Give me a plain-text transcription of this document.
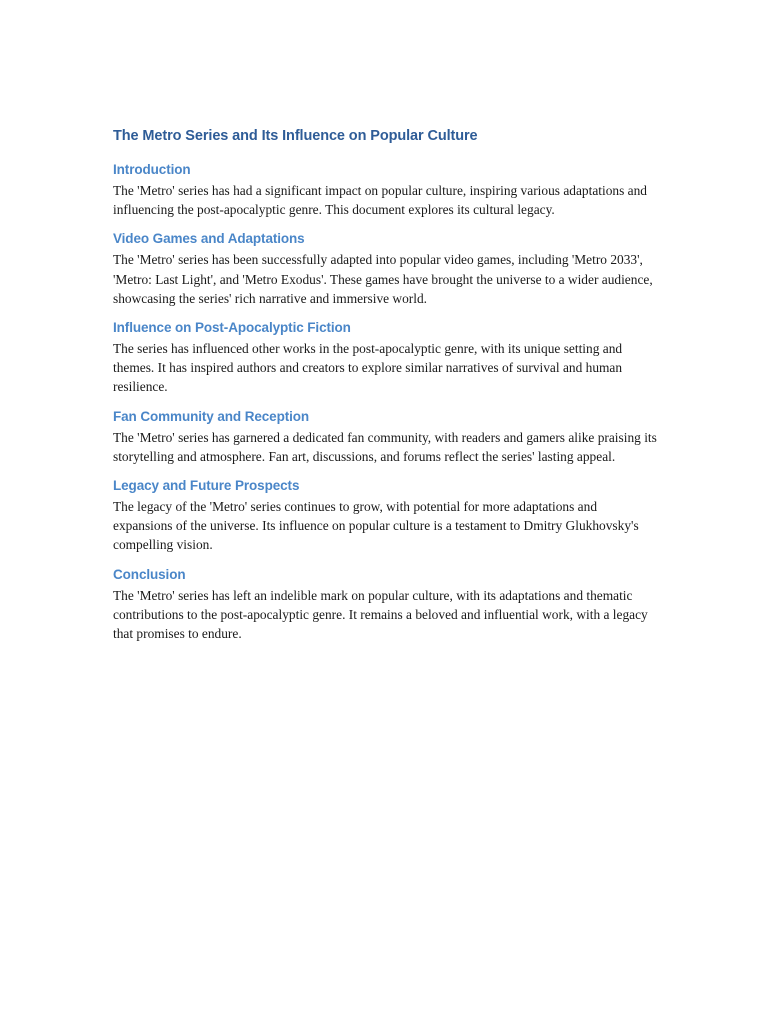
The Metro Series and Its Influence on Popular Culture
Introduction

The 'Metro' series has had a significant impact on popular culture, inspiring various adaptations and influencing the post-apocalyptic genre. This document explores its cultural legacy.

Video Games and Adaptations

The 'Metro' series has been successfully adapted into popular video games, including 'Metro 2033', 'Metro: Last Light', and 'Metro Exodus'. These games have brought the universe to a wider audience, showcasing the series' rich narrative and immersive world.

Influence on Post-Apocalyptic Fiction

The series has influenced other works in the post-apocalyptic genre, with its unique setting and themes. It has inspired authors and creators to explore similar narratives of survival and human resilience.

Fan Community and Reception

The 'Metro' series has garnered a dedicated fan community, with readers and gamers alike praising its storytelling and atmosphere. Fan art, discussions, and forums reflect the series' lasting appeal.

Legacy and Future Prospects

The legacy of the 'Metro' series continues to grow, with potential for more adaptations and expansions of the universe. Its influence on popular culture is a testament to Dmitry Glukhovsky's compelling vision.

Conclusion

The 'Metro' series has left an indelible mark on popular culture, with its adaptations and thematic contributions to the post-apocalyptic genre. It remains a beloved and influential work, with a legacy that promises to endure.
